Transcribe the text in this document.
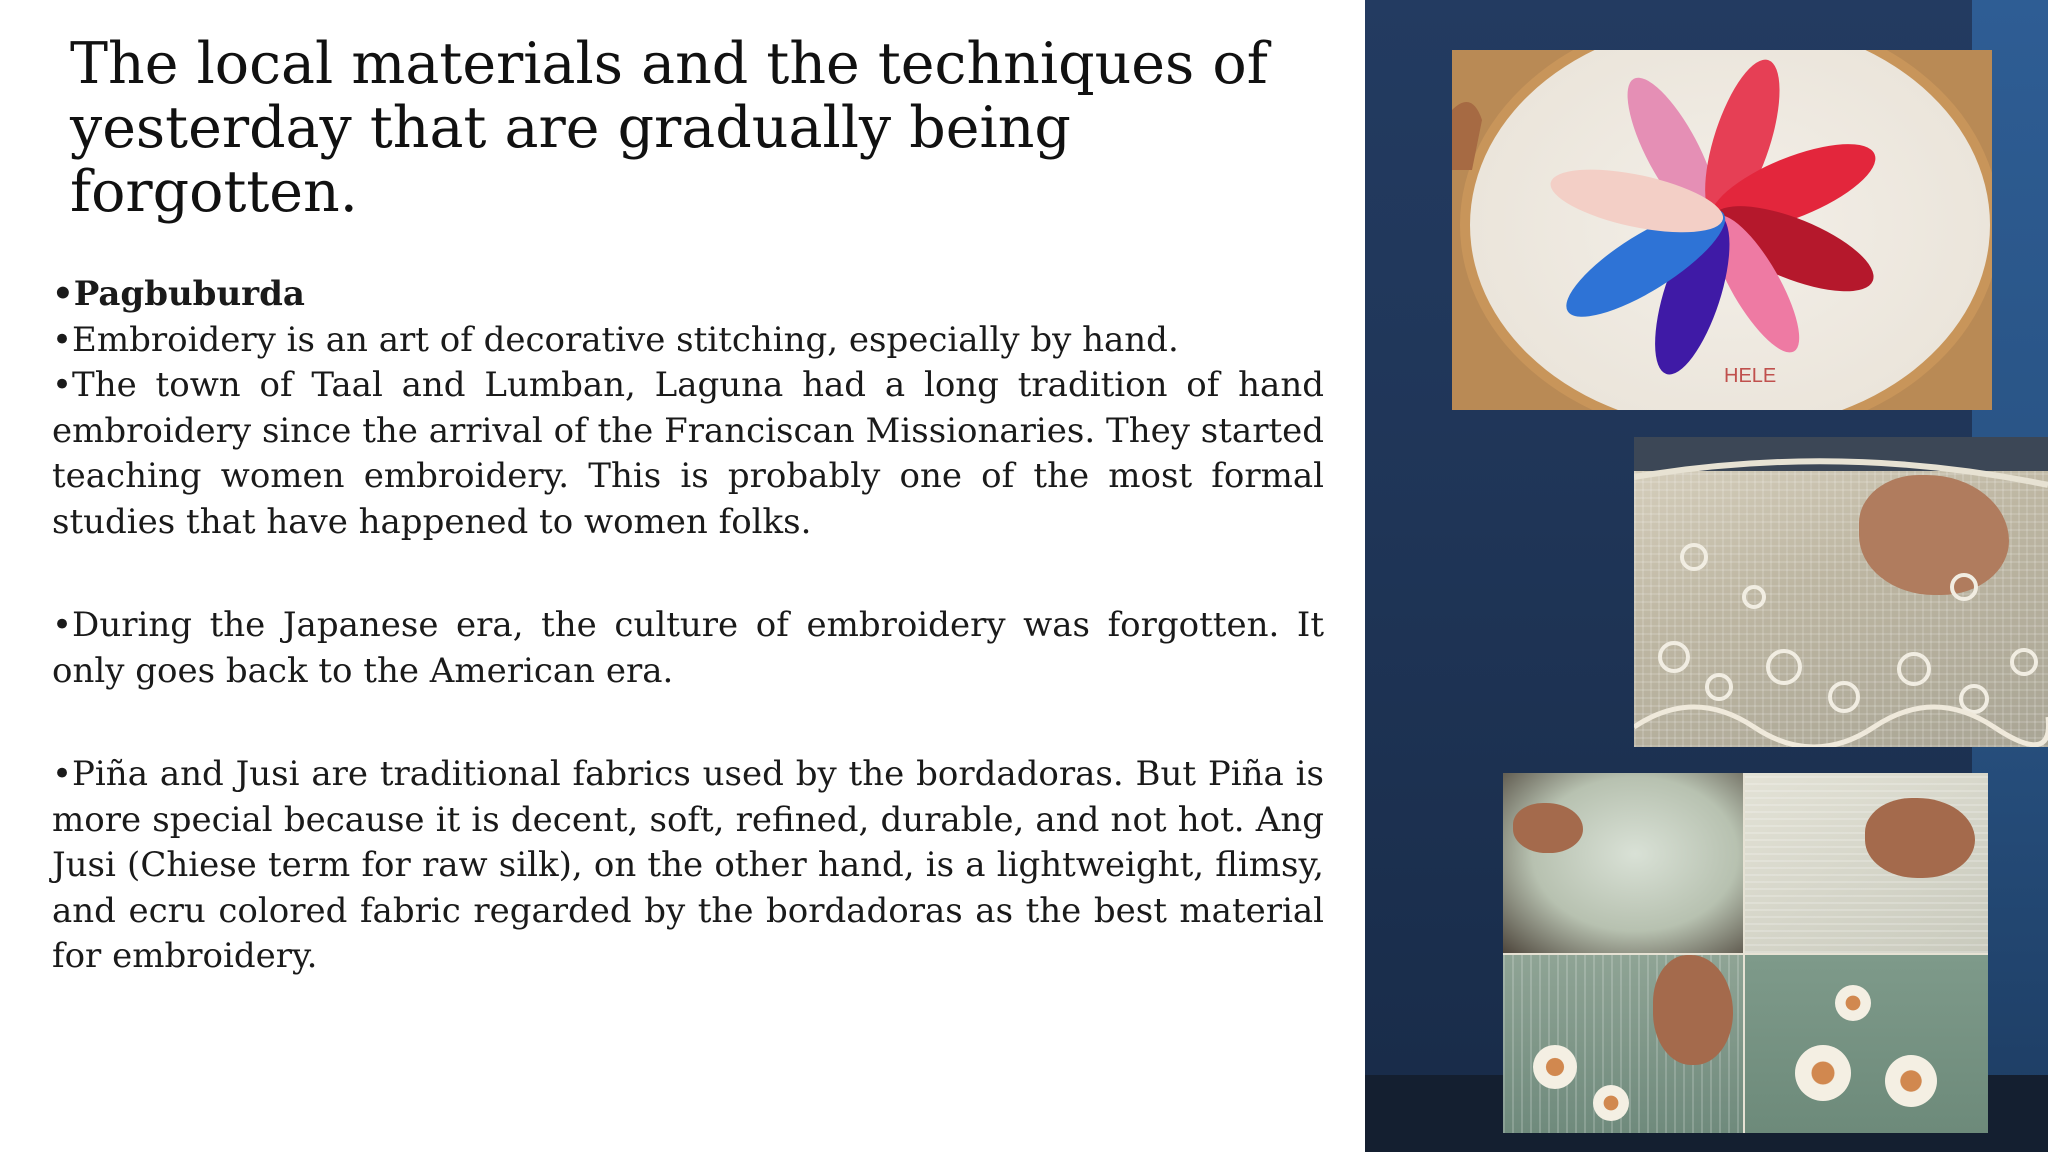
The local materials and the techniques of yesterday that are gradually being forgotten.

•Pagbuburda

•Embroidery is an art of decorative stitching, especially by hand.

•The town of Taal and Lumban, Laguna had a long tradition of hand embroidery since the arrival of the Franciscan Missionaries. They started teaching women embroidery. This is probably one of the most formal studies that have happened to women folks.

•During the Japanese era, the culture of embroidery was forgotten. It only goes back to the American era.

•Piña and Jusi are traditional fabrics used by the bordadoras. But Piña is more special because it is decent, soft, refined, durable, and not hot. Ang Jusi (Chiese term for raw silk), on the other hand, is a lightweight, flimsy, and ecru colored fabric regarded by the bordadoras as the best material for embroidery.

HELE
